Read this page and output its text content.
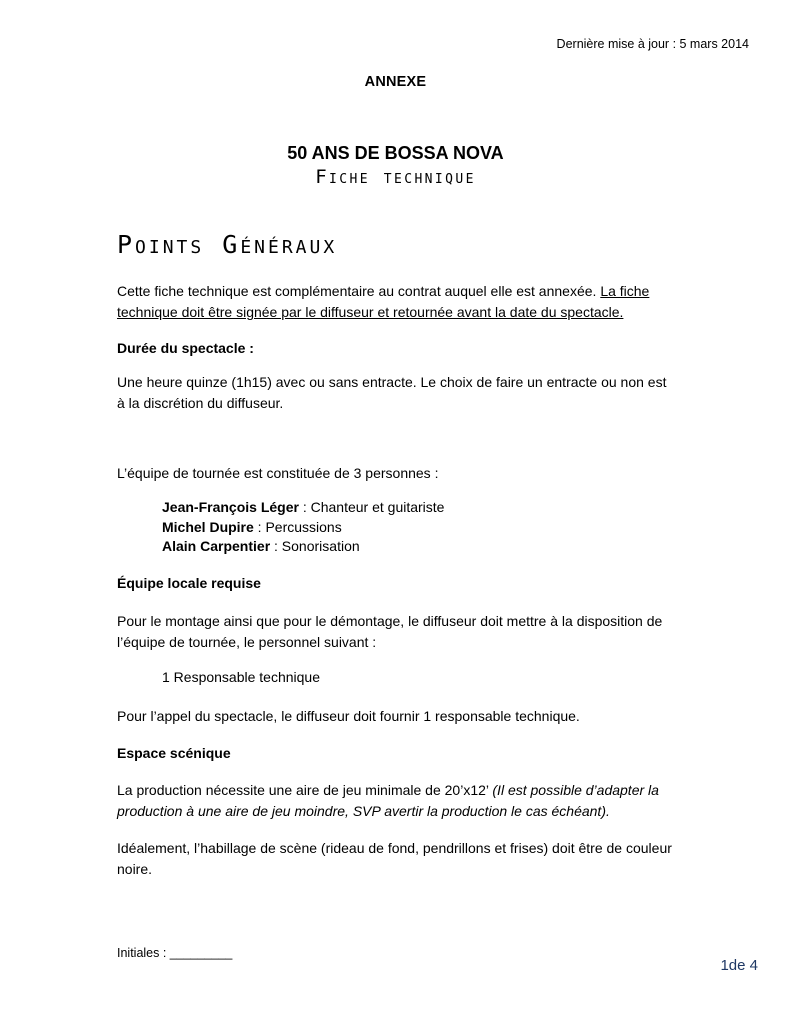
Dernière mise à jour : 5 mars 2014
ANNEXE
50 ANS DE BOSSA NOVA
Fiche technique
Points Généraux
Cette fiche technique est complémentaire au contrat auquel elle est annexée. La fiche technique doit être signée par le diffuseur et retournée avant la date du spectacle.
Durée du spectacle :
Une heure quinze (1h15) avec ou sans entracte. Le choix de faire un entracte ou non est à la discrétion du diffuseur.
L’équipe de tournée est constituée de 3 personnes :
Jean-François Léger : Chanteur et guitariste
Michel Dupire : Percussions
Alain Carpentier : Sonorisation
Équipe locale requise
Pour le montage ainsi que pour le démontage, le diffuseur doit mettre à la disposition de l’équipe de tournée, le personnel suivant :
1 Responsable technique
Pour l’appel du spectacle, le diffuseur doit fournir 1 responsable technique.
Espace scénique
La production nécessite une aire de jeu minimale de 20’x12’ (Il est possible d’adapter la production à une aire de jeu moindre, SVP avertir la production le cas échéant).
Idéalement, l’habillage de scène (rideau de fond, pendrillons et frises) doit être de couleur noire.
Initiales : _________
1de 4
